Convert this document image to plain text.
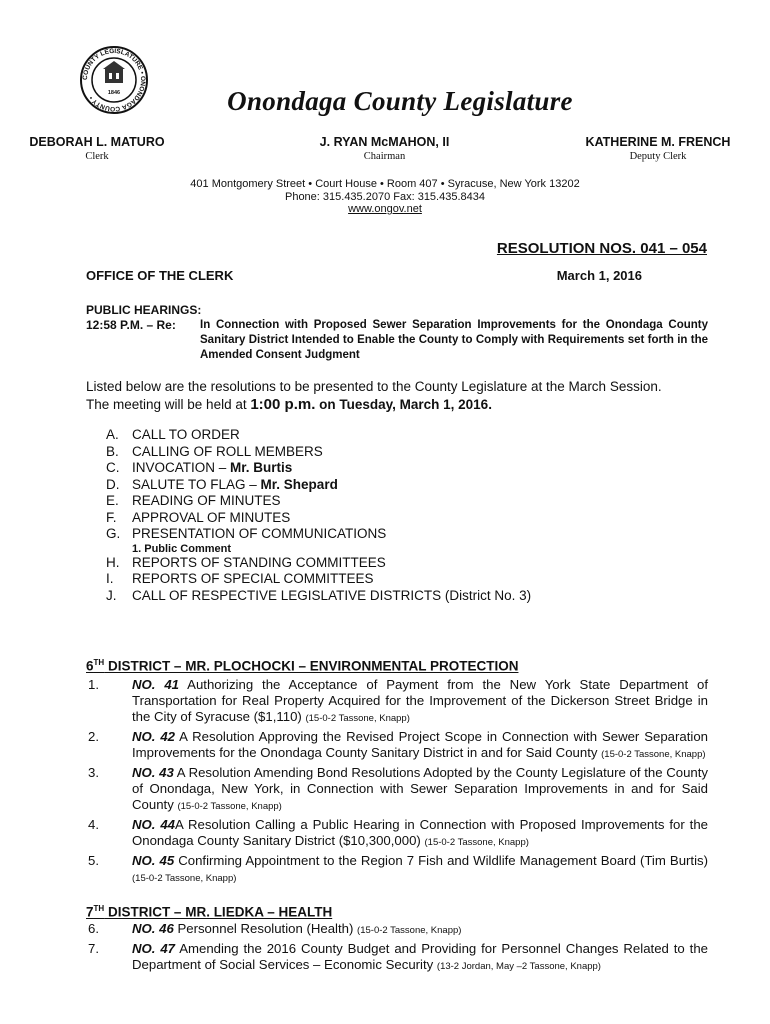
COUNTY LEGISLATURE • ONONDAGA COUNTY •
1846	Onondaga County Legislature
DEBORAH L. MATURO
Clerk
J. RYAN McMAHON, II
Chairman
KATHERINE M. FRENCH
Deputy Clerk
401 Montgomery Street • Court House • Room 407 • Syracuse, New York 13202
Phone: 315.435.2070 Fax: 315.435.8434
www.ongov.net
RESOLUTION NOS. 041 – 054
OFFICE OF THE CLERK	March 1, 2016
PUBLIC HEARINGS:
12:58 P.M. – Re: In Connection with Proposed Sewer Separation Improvements for the Onondaga County Sanitary District Intended to Enable the County to Comply with Requirements set forth in the Amended Consent Judgment
Listed below are the resolutions to be presented to the County Legislature at the March Session.
The meeting will be held at 1:00 p.m. on Tuesday, March 1, 2016.
A. CALL TO ORDER
B. CALLING OF ROLL MEMBERS
C. INVOCATION – Mr. Burtis
D. SALUTE TO FLAG – Mr. Shepard
E. READING OF MINUTES
F.	APPROVAL OF MINUTES
G. PRESENTATION OF COMMUNICATIONS
1. Public Comment
H. REPORTS OF STANDING COMMITTEES
I.	REPORTS OF SPECIAL COMMITTEES
J.	CALL OF RESPECTIVE LEGISLATIVE DISTRICTS (District No. 3)
6TH DISTRICT – MR. PLOCHOCKI – ENVIRONMENTAL PROTECTION
1.	NO. 41 Authorizing the Acceptance of Payment from the New York State Department of Transportation for Real Property Acquired for the Improvement of the Dickerson Street Bridge in the City of Syracuse ($1,110) (15-0-2 Tassone, Knapp)
2.	NO. 42 A Resolution Approving the Revised Project Scope in Connection with Sewer Separation Improvements for the Onondaga County Sanitary District in and for Said County (15-0-2 Tassone, Knapp)
3.	NO. 43 A Resolution Amending Bond Resolutions Adopted by the County Legislature of the County of Onondaga, New York, in Connection with Sewer Separation Improvements in and for Said County (15-0-2 Tassone, Knapp)
4.	NO. 44A Resolution Calling a Public Hearing in Connection with Proposed Improvements for the Onondaga County Sanitary District ($10,300,000) (15-0-2 Tassone, Knapp)
5.	NO. 45 Confirming Appointment to the Region 7 Fish and Wildlife Management Board (Tim Burtis) (15-0-2 Tassone, Knapp)
7TH DISTRICT – MR. LIEDKA – HEALTH
6.	NO. 46 Personnel Resolution (Health) (15-0-2 Tassone, Knapp)
7.	NO. 47 Amending the 2016 County Budget and Providing for Personnel Changes Related to the Department of Social Services – Economic Security (13-2 Jordan, May –2 Tassone, Knapp)
